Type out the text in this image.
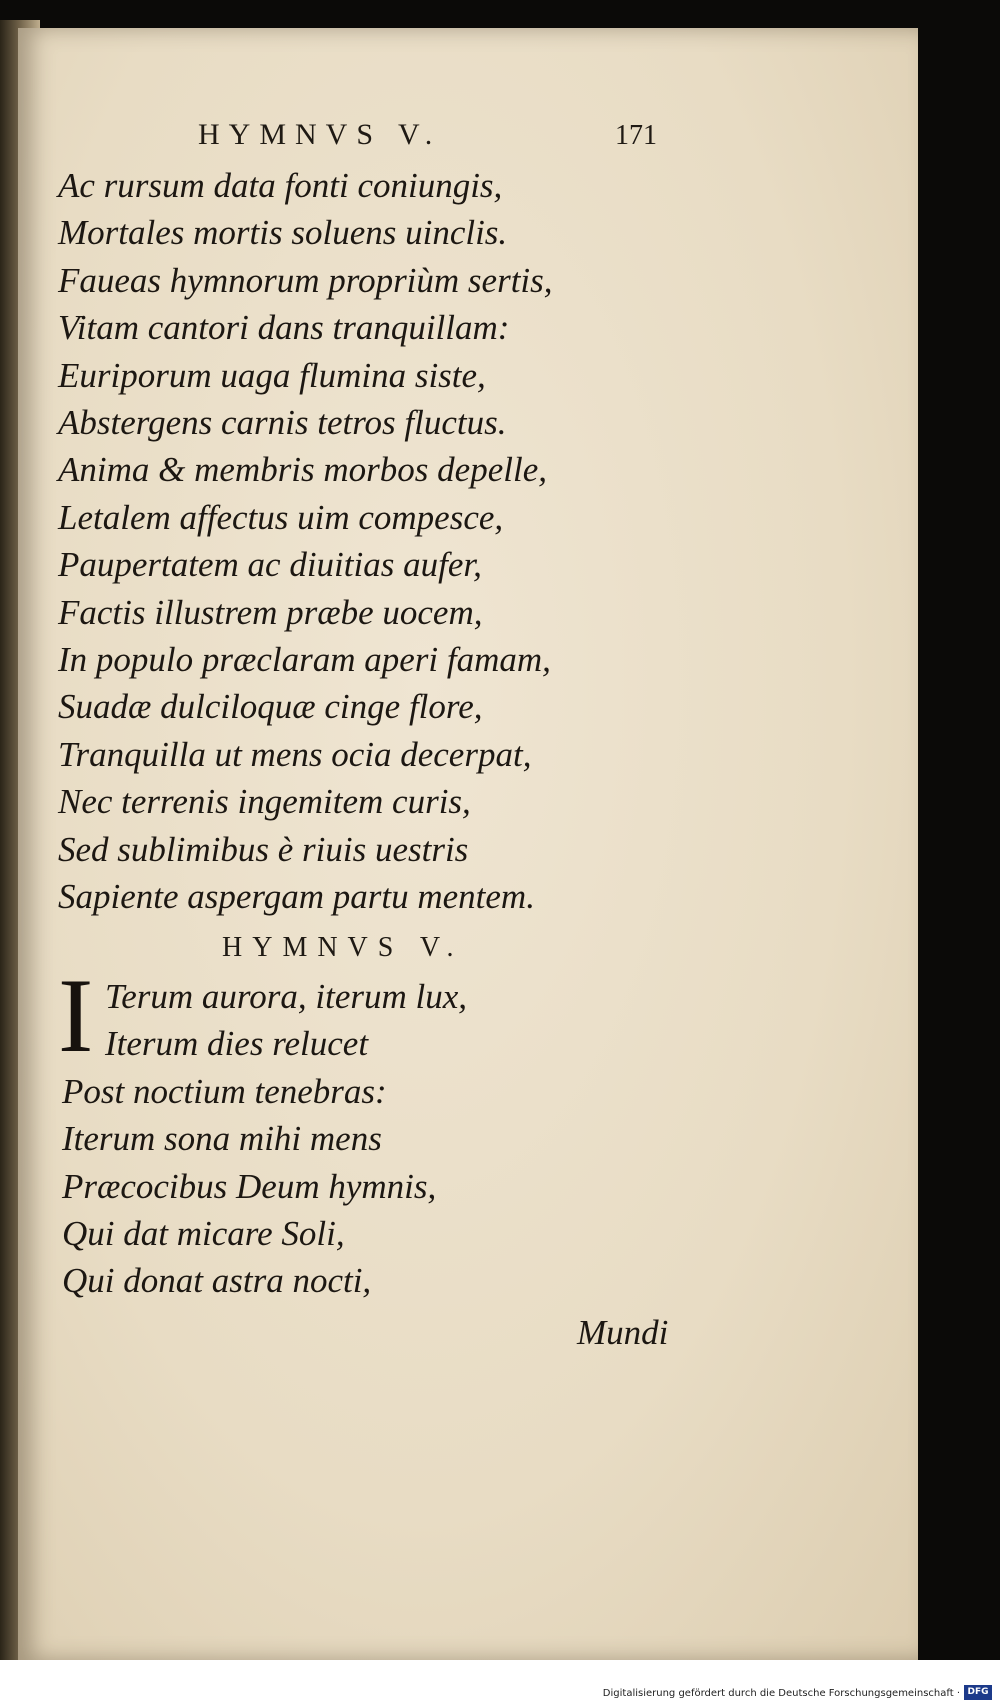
HYMNVS V.	171
Ac rursum data fonti coniungis,
Mortales mortis soluens uinclis.
Faueas hymnorum propriùm sertis,
Vitam cantori dans tranquillam:
Euriporum uaga flumina siste,
Abstergens carnis tetros fluctus.
Anima & membris morbos depelle,
Letalem affectus uim compesce,
Paupertatem ac diuitias aufer,
Factis illustrem præbe uocem,
In populo præclaram aperi famam,
Suadæ dulciloquæ cinge flore,
Tranquilla ut mens ocia decerpat,
Nec terrenis ingemitem curis,
Sed sublimibus è riuis uestris
Sapiente aspergam partu mentem.
HYMNVS V.
I Terum aurora, iterum lux,
Iterum dies relucet
Post noctium tenebras:
Iterum sona mihi mens
Præcocibus Deum hymnis,
Qui dat micare Soli,
Qui donat astra nocti,
Mundi
Digitalisierung gefördert durch die Deutsche Forschungsgemeinschaft · DFG
